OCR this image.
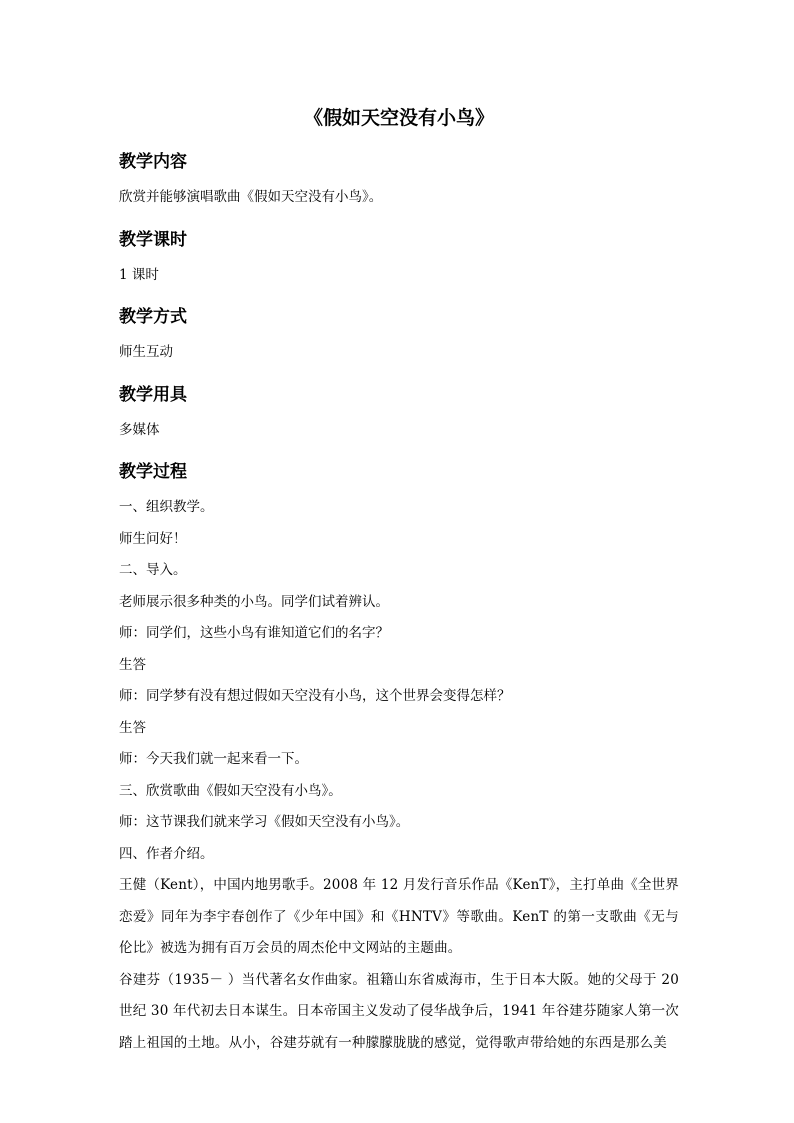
《假如天空没有小鸟》
教学内容

欣赏并能够演唱歌曲《假如天空没有小鸟》。

教学课时

1 课时

教学方式

师生互动

教学用具

多媒体

教学过程

一、组织教学。

师生问好！

二、导入。

老师展示很多种类的小鸟。同学们试着辨认。

师：同学们，这些小鸟有谁知道它们的名字？

生答

师：同学梦有没有想过假如天空没有小鸟，这个世界会变得怎样？

生答

师：今天我们就一起来看一下。

三、欣赏歌曲《假如天空没有小鸟》。

师：这节课我们就来学习《假如天空没有小鸟》。

四、作者介绍。

王健（Kent），中国内地男歌手。2008 年 12 月发行音乐作品《KenT》，主打单曲《全世界恋爱》同年为李宇春创作了《少年中国》和《HNTV》等歌曲。KenT 的第一支歌曲《无与伦比》被选为拥有百万会员的周杰伦中文网站的主题曲。

谷建芬（1935－ ）当代著名女作曲家。祖籍山东省威海市，生于日本大阪。她的父母于 20 世纪 30 年代初去日本谋生。日本帝国主义发动了侵华战争后，1941 年谷建芬随家人第一次踏上祖国的土地。从小，谷建芬就有一种朦朦胧胧的感觉，觉得歌声带给她的东西是那么美
